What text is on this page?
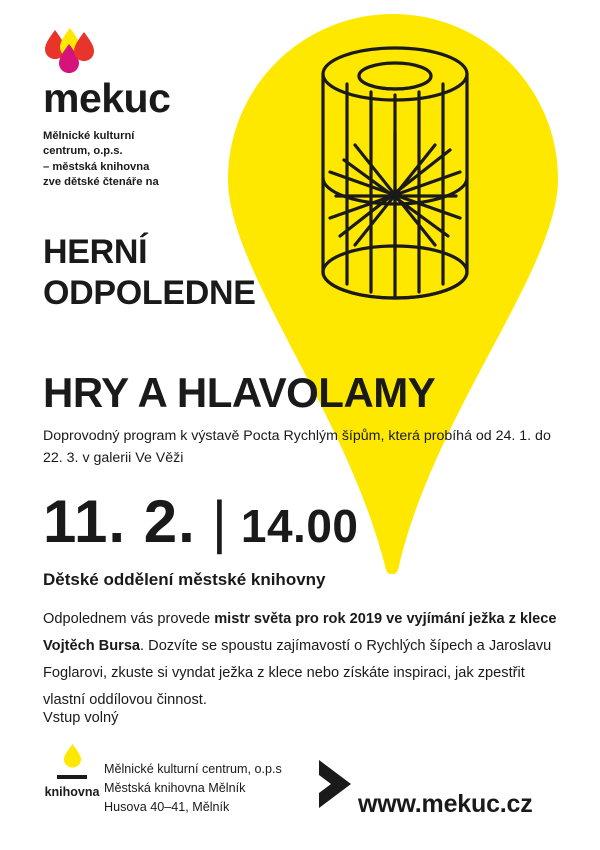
mekuc
Mělnické kulturní
centrum, o.p.s.
– městská knihovna
zve dětské čtenáře na
HERNÍ
ODPOLEDNE
HRY A HLAVOLAMY
Doprovodný program k výstavě Pocta Rychlým šípům, která probíhá od 24. 1. do 22. 3. v galerii Ve Věži
11. 2. | 14.00
Dětské oddělení městské knihovny
Odpolednem vás provede mistr světa pro rok 2019 ve vyjímání ježka z klece Vojtěch Bursa. Dozvíte se spoustu zajímavostí o Rychlých šípech a Jaroslavu Foglarovi, zkuste si vyndat ježka z klece nebo získáte inspiraci, jak zpestřit vlastní oddílovou činnost.
Vstup volný
knihovna
Mělnické kulturní centrum, o.p.s
Městská knihovna Mělník
Husova 40–41, Mělník	www.mekuc.cz
